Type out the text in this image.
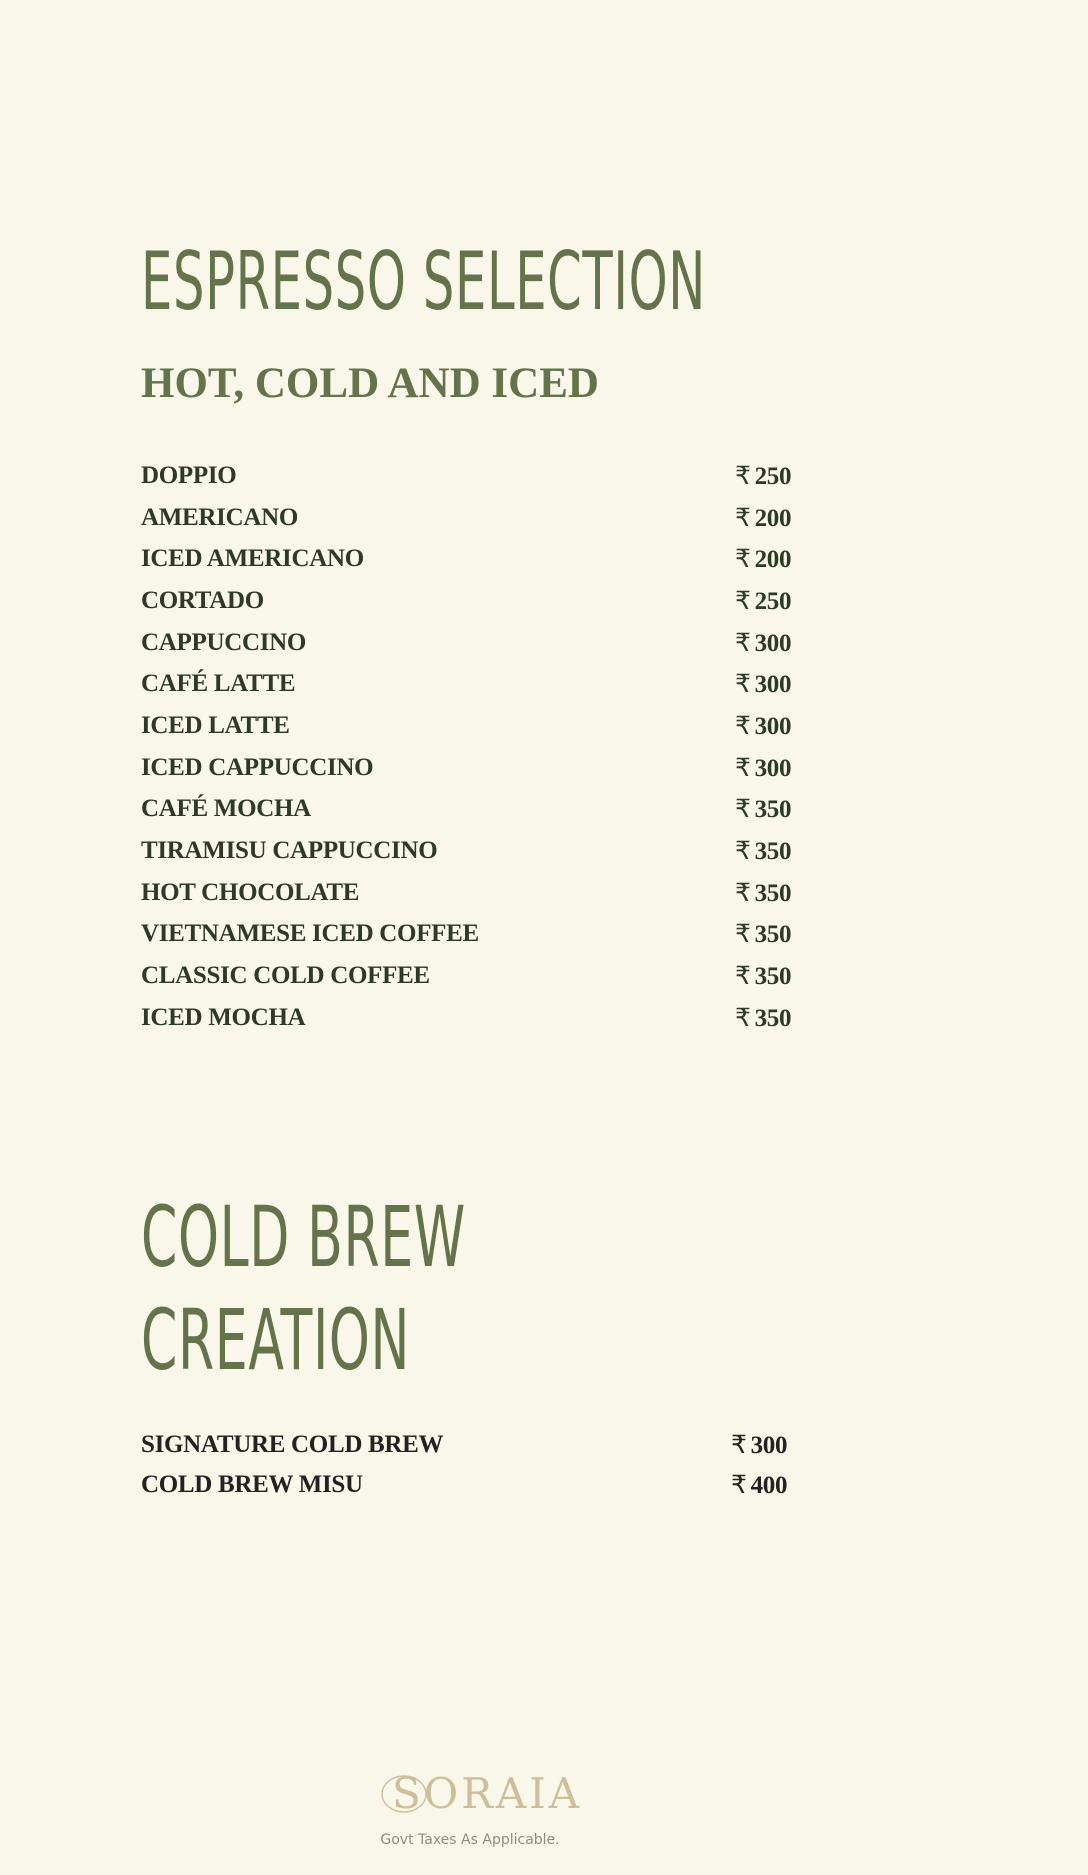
ESPRESSO SELECTION
HOT, COLD AND ICED
DOPPIO	₹ 250
AMERICANO	₹ 200
ICED AMERICANO	₹ 200
CORTADO	₹ 250
CAPPUCCINO	₹ 300
CAFÉ LATTE	₹ 300
ICED LATTE	₹ 300
ICED CAPPUCCINO	₹ 300
CAFÉ MOCHA	₹ 350
TIRAMISU CAPPUCCINO	₹ 350
HOT CHOCOLATE	₹ 350
VIETNAMESE ICED COFFEE	₹ 350
CLASSIC COLD COFFEE	₹ 350
ICED MOCHA	₹ 350
COLD BREW
CREATION
SIGNATURE COLD BREW	₹ 300
COLD BREW MISU	₹ 400
SORAIA
Govt Taxes As Applicable.
